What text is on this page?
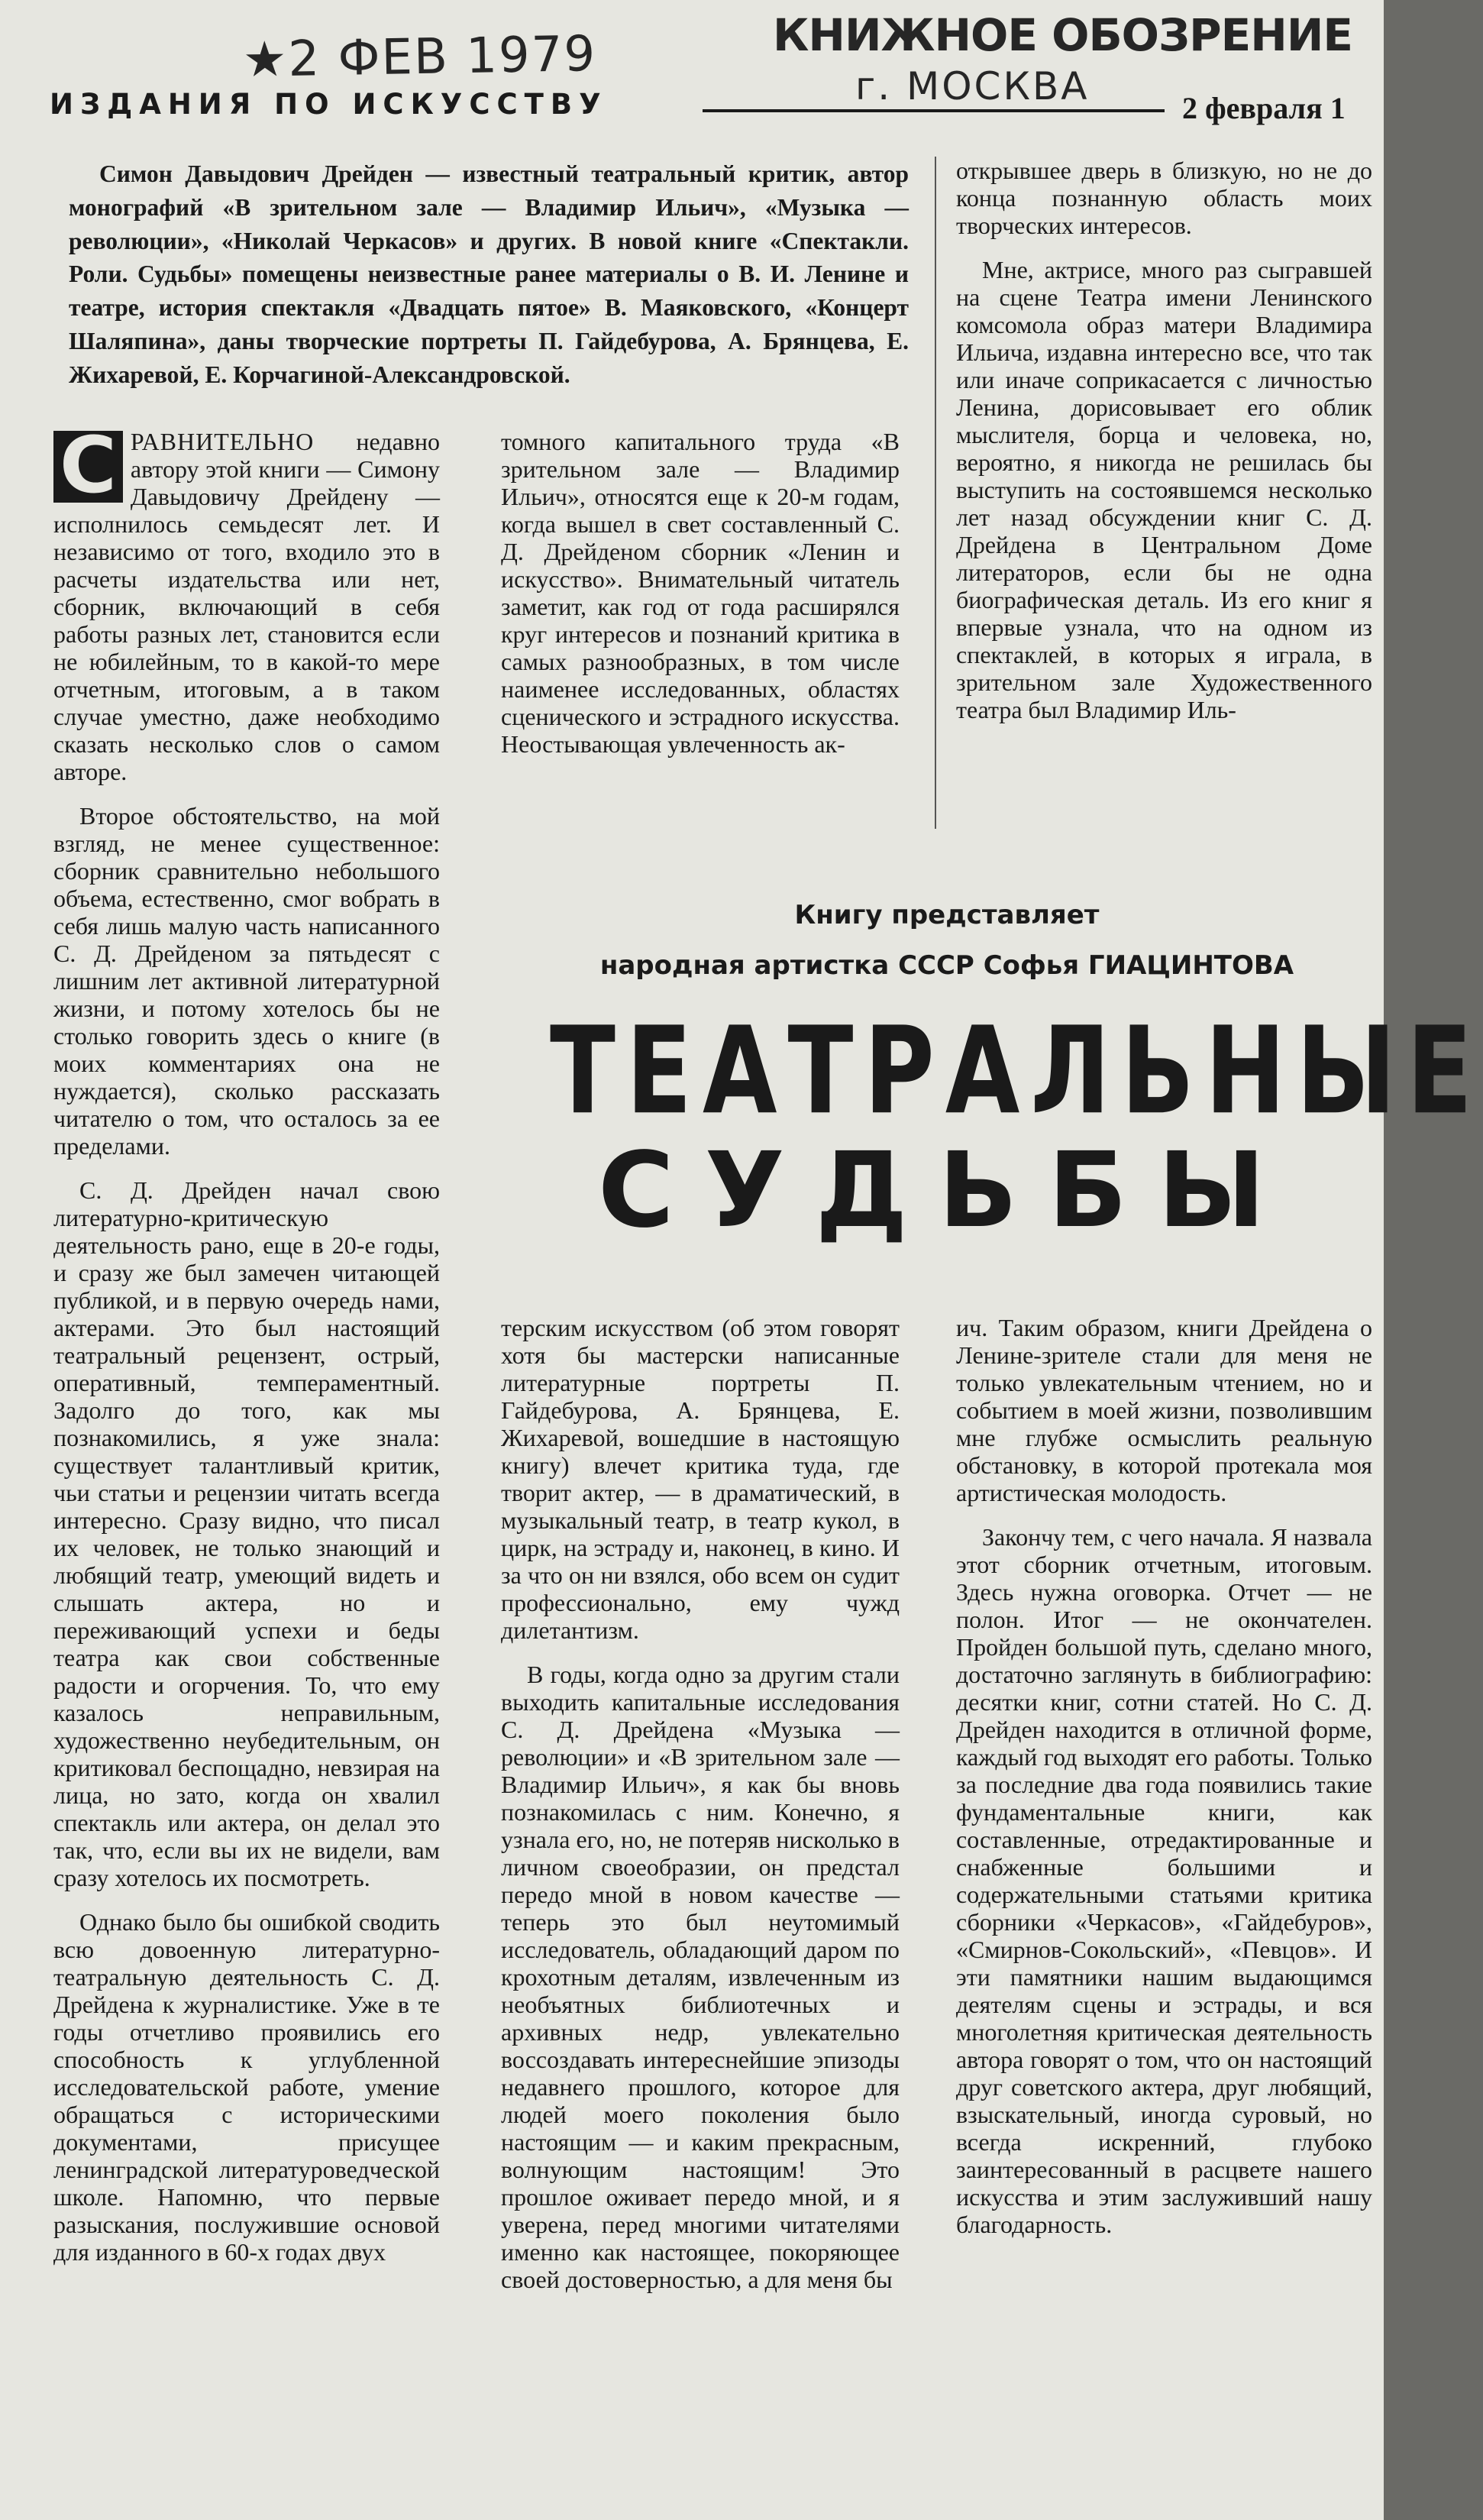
★2 ФЕВ 1979	КНИЖНОЕ ОБОЗРЕНИЕ
г. МОСКВА
ИЗДАНИЯ ПО ИСКУССТВУ	2 февраля 1

Симон Давыдович Дрейден — известный театральный критик, автор монографий «В зрительном зале — Владимир Ильич», «Музыка — революции», «Николай Черкасов» и других. В новой книге «Спектакли. Роли. Судьбы» помещены неизвестные ранее материалы о В. И. Ленине и театре, история спектакля «Двадцать пятое» В. Маяковского, «Концерт Шаляпина», даны творческие портреты П. Гайдебурова, А. Брянцева, Е. Жихаревой, Е. Корчагиной-Александровской.

С РАВНИТЕЛЬНО недавно автору этой книги — Симону Давыдовичу Дрейдену — исполнилось семьдесят лет. И независимо от того, входило это в расчеты издательства или нет, сборник, включающий в себя работы разных лет, становится если не юбилейным, то в какой-то мере отчетным, итоговым, а в таком случае уместно, даже необходимо сказать несколько слов о самом авторе.

Второе обстоятельство, на мой взгляд, не менее существенное: сборник сравнительно небольшого объема, естественно, смог вобрать в себя лишь малую часть написанного С. Д. Дрейденом за пятьдесят с лишним лет активной литературной жизни, и потому хотелось бы не столько говорить здесь о книге (в моих комментариях она не нуждается), сколько рассказать читателю о том, что осталось за ее пределами.

С. Д. Дрейден начал свою литературно-критическую деятельность рано, еще в 20-е годы, и сразу же был замечен читающей публикой, и в первую очередь нами, актерами. Это был настоящий театральный рецензент, острый, оперативный, темпераментный. Задолго до того, как мы познакомились, я уже знала: существует талантливый критик, чьи статьи и рецензии читать всегда интересно. Сразу видно, что писал их человек, не только знающий и любящий театр, умеющий видеть и слышать актера, но и переживающий успехи и беды театра как свои собственные радости и огорчения. То, что ему казалось неправильным, художественно неубедительным, он критиковал беспощадно, невзирая на лица, но зато, когда он хвалил спектакль или актера, он делал это так, что, если вы их не видели, вам сразу хотелось их посмотреть.

Однако было бы ошибкой сводить всю довоенную литературно-театральную деятельность С. Д. Дрейдена к журналистике. Уже в те годы отчетливо проявились его способность к углубленной исследовательской работе, умение обращаться с историческими документами, присущее ленинградской литературоведческой школе. Напомню, что первые разыскания, послужившие основой для изданного в 60-х годах двух

томного капитального труда «В зрительном зале — Владимир Ильич», относятся еще к 20-м годам, когда вышел в свет составленный С. Д. Дрейденом сборник «Ленин и искусство». Внимательный читатель заметит, как год от года расширялся круг интересов и познаний критика в самых разнообразных, в том числе наименее исследованных, областях сценического и эстрадного искусства. Неостывающая увлеченность ак-

открывшее дверь в близкую, но не до конца познанную область моих творческих интересов.

Мне, актрисе, много раз сыгравшей на сцене Театра имени Ленинского комсомола образ матери Владимира Ильича, издавна интересно все, что так или иначе соприкасается с личностью Ленина, дорисовывает его облик мыслителя, борца и человека, но, вероятно, я никогда не решилась бы выступить на состоявшемся несколько лет назад обсуждении книг С. Д. Дрейдена в Центральном Доме литераторов, если бы не одна биографическая деталь. Из его книг я впервые узнала, что на одном из спектаклей, в которых я играла, в зрительном зале Художественного театра был Владимир Иль-

Книгу представляет
народная артистка СССР Софья ГИАЦИНТОВА
ТЕАТРАЛЬНЫЕ
СУДЬБЫ

терским искусством (об этом говорят хотя бы мастерски написанные литературные портреты П. Гайдебурова, А. Брянцева, Е. Жихаревой, вошедшие в настоящую книгу) влечет критика туда, где творит актер, — в драматический, в музыкальный театр, в театр кукол, в цирк, на эстраду и, наконец, в кино. И за что он ни взялся, обо всем он судит профессионально, ему чужд дилетантизм.

В годы, когда одно за другим стали выходить капитальные исследования С. Д. Дрейдена «Музыка — революции» и «В зрительном зале — Владимир Ильич», я как бы вновь познакомилась с ним. Конечно, я узнала его, но, не потеряв нисколько в личном своеобразии, он предстал передо мной в новом качестве — теперь это был неутомимый исследователь, обладающий даром по крохотным деталям, извлеченным из необъятных библиотечных и архивных недр, увлекательно воссоздавать интереснейшие эпизоды недавнего прошлого, которое для людей моего поколения было настоящим — и каким прекрасным, волнующим настоящим! Это прошлое оживает передо мной, и я уверена, перед многими читателями именно как настоящее, покоряющее своей достоверностью, а для меня бы

ич. Таким образом, книги Дрейдена о Ленине-зрителе стали для меня не только увлекательным чтением, но и событием в моей жизни, позволившим мне глубже осмыслить реальную обстановку, в которой протекала моя артистическая молодость.

Закончу тем, с чего начала. Я назвала этот сборник отчетным, итоговым. Здесь нужна оговорка. Отчет — не полон. Итог — не окончателен. Пройден большой путь, сделано много, достаточно заглянуть в библиографию: десятки книг, сотни статей. Но С. Д. Дрейден находится в отличной форме, каждый год выходят его работы. Только за последние два года появились такие фундаментальные книги, как составленные, отредактированные и снабженные большими и содержательными статьями критика сборники «Черкасов», «Гайдебуров», «Смирнов-Сокольский», «Певцов». И эти памятники нашим выдающимся деятелям сцены и эстрады, и вся многолетняя критическая деятельность автора говорят о том, что он настоящий друг советского актера, друг любящий, взыскательный, иногда суровый, но всегда искренний, глубоко заинтересованный в расцвете нашего искусства и этим заслуживший нашу благодарность.
